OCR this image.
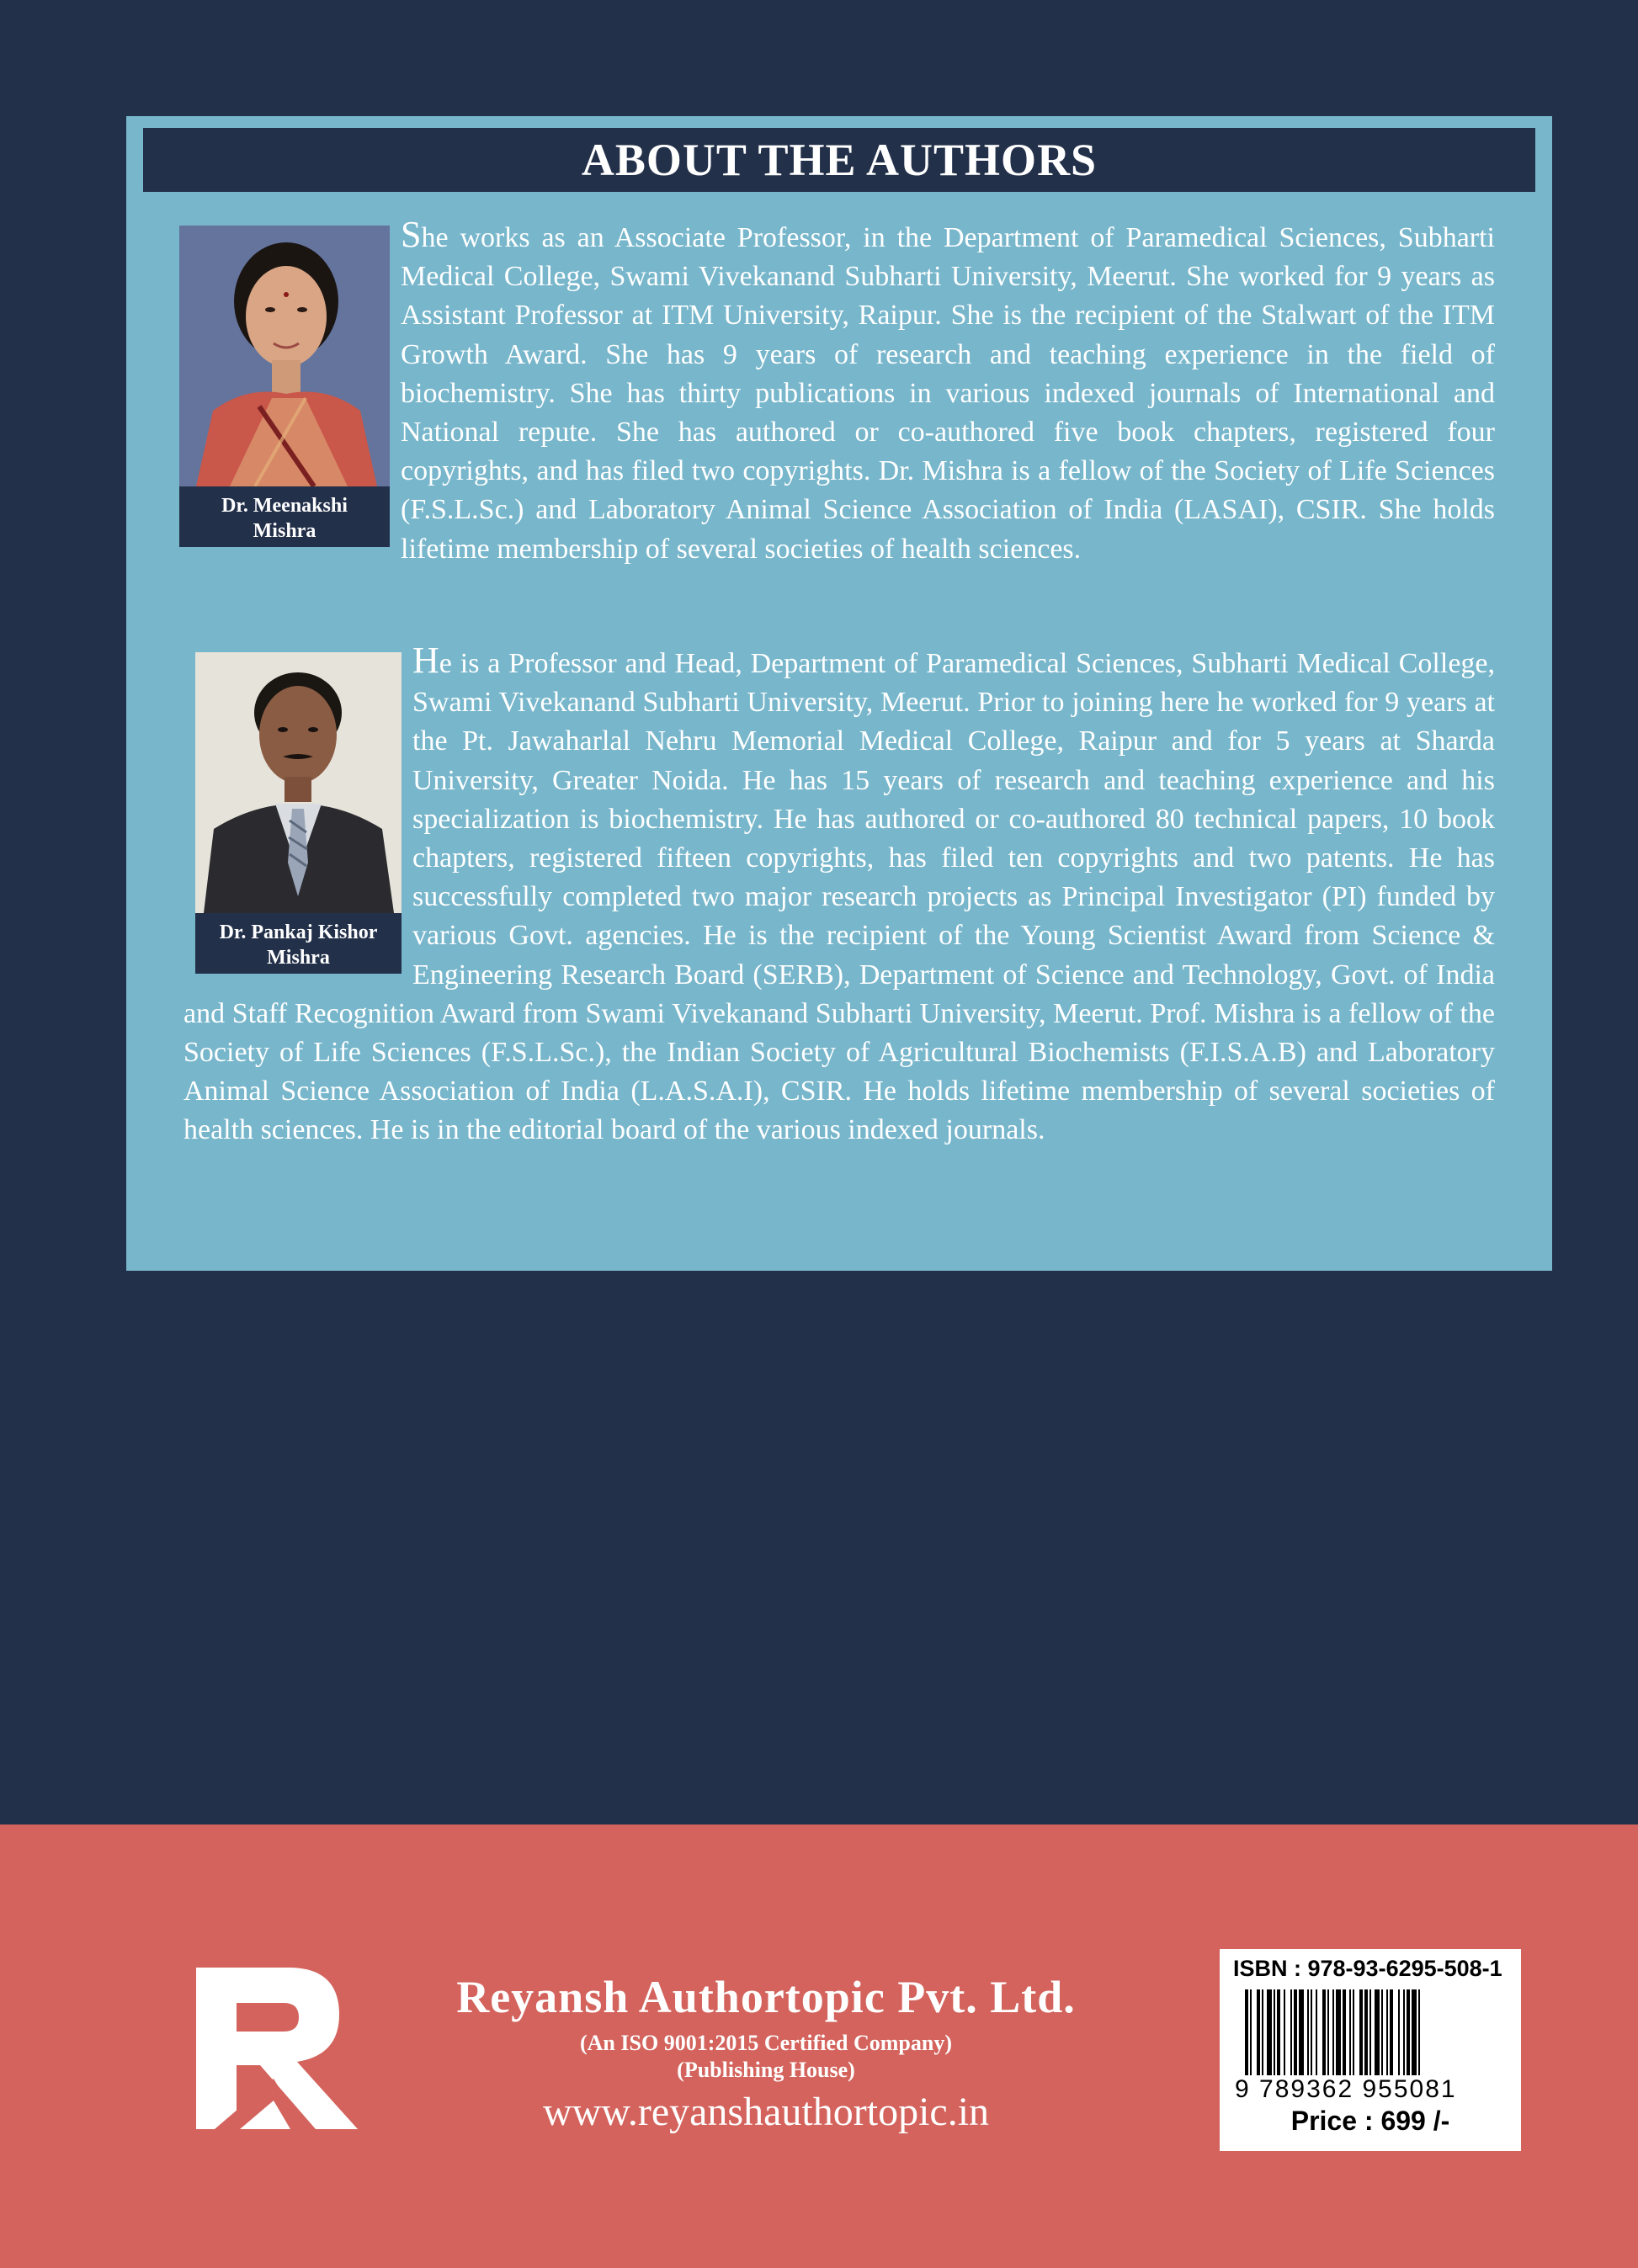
ABOUT THE AUTHORS
Dr. Meenakshi
Mishra
She works as an Associate Professor, in the Department of Paramedical Sciences, Subharti Medical College, Swami Vivekanand Subharti University, Meerut. She worked for 9 years as Assistant Professor at ITM University, Raipur. She is the recipient of the Stalwart of the ITM Growth Award. She has 9 years of research and teaching experience in the field of biochemistry. She has thirty publications in various indexed journals of International and National repute. She has authored or co-authored five book chapters, registered four copyrights, and has filed two copyrights. Dr. Mishra is a fellow of the Society of Life Sciences (F.S.L.Sc.) and Laboratory Animal Science Association of India (LASAI), CSIR. She holds lifetime membership of several societies of health sciences.
Dr. Pankaj Kishor
Mishra
He is a Professor and Head, Department of Paramedical Sciences, Subharti Medical College, Swami Vivekanand Subharti University, Meerut. Prior to joining here he worked for 9 years at the Pt. Jawaharlal Nehru Memorial Medical College, Raipur and for 5 years at Sharda University, Greater Noida. He has 15 years of research and teaching experience and his specialization is biochemistry. He has authored or co-authored 80 technical papers, 10 book chapters, registered fifteen copyrights, has filed ten copyrights and two patents. He has successfully completed two major research projects as Principal Investigator (PI) funded by various Govt. agencies. He is the recipient of the Young Scientist Award from Science & Engineering Research Board (SERB), Department of Science and Technology, Govt. of India and Staff Recognition Award from Swami Vivekanand Subharti University, Meerut. Prof. Mishra is a fellow of the Society of Life Sciences (F.S.L.Sc.), the Indian Society of Agricultural Biochemists (F.I.S.A.B) and Laboratory Animal Science Association of India (L.A.S.A.I), CSIR. He holds lifetime membership of several societies of health sciences. He is in the editorial board of the various indexed journals.
Reyansh Authortopic Pvt. Ltd.
(An ISO 9001:2015 Certified Company)
(Publishing House)
www.reyanshauthortopic.in
ISBN : 978-93-6295-508-1
9 789362 955081
Price : 699 /-
